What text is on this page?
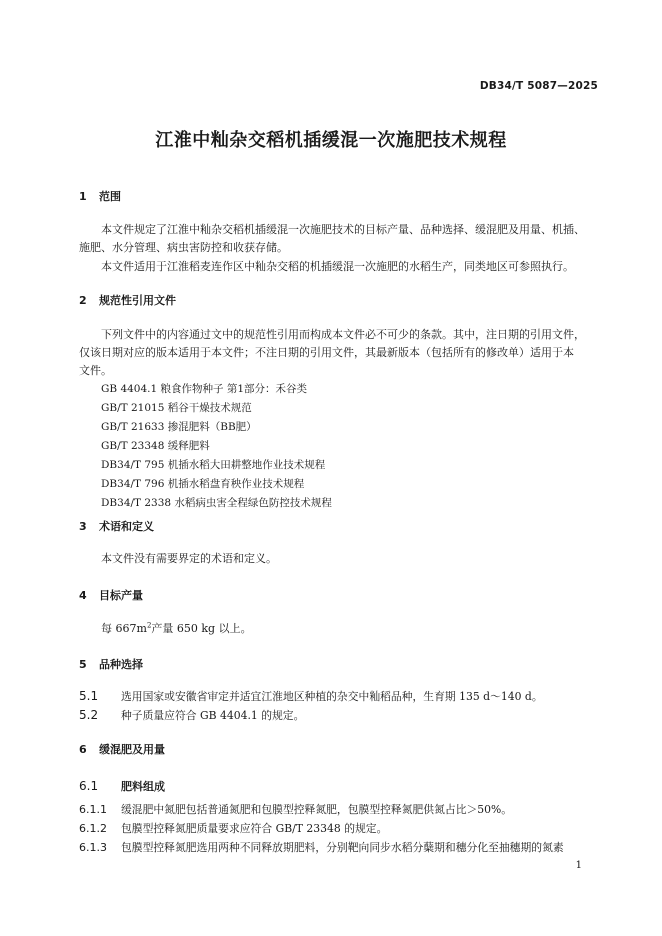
DB34/T 5087—2025
江淮中籼杂交稻机插缓混一次施肥技术规程
1 范围
本文件规定了江淮中籼杂交稻机插缓混一次施肥技术的目标产量、品种选择、缓混肥及用量、机插、
施肥、水分管理、病虫害防控和收获存储。
本文件适用于江淮稻麦连作区中籼杂交稻的机插缓混一次施肥的水稻生产，同类地区可参照执行。
2 规范性引用文件
下列文件中的内容通过文中的规范性引用而构成本文件必不可少的条款。其中，注日期的引用文件，
仅该日期对应的版本适用于本文件；不注日期的引用文件，其最新版本（包括所有的修改单）适用于本
文件。
GB 4404.1 粮食作物种子 第1部分：禾谷类
GB/T 21015 稻谷干燥技术规范
GB/T 21633 掺混肥料（BB肥）
GB/T 23348 缓释肥料
DB34/T 795 机插水稻大田耕整地作业技术规程
DB34/T 796 机插水稻盘育秧作业技术规程
DB34/T 2338 水稻病虫害全程绿色防控技术规程
3 术语和定义
本文件没有需要界定的术语和定义。
4 目标产量
每 $667m^2$产量 650 kg 以上。
5 品种选择
5.1 选用国家或安徽省审定并适宜江淮地区种植的杂交中籼稻品种，生育期 135 d～140 d。
5.2 种子质量应符合 GB 4404.1 的规定。
6 缓混肥及用量
6.1 肥料组成
6.1.1 缓混肥中氮肥包括普通氮肥和包膜型控释氮肥，包膜型控释氮肥供氮占比＞50%。
6.1.2 包膜型控释氮肥质量要求应符合 GB/T 23348 的规定。
6.1.3 包膜型控释氮肥选用两种不同释放期肥料，分别靶向同步水稻分蘖期和穗分化至抽穗期的氮素
1
